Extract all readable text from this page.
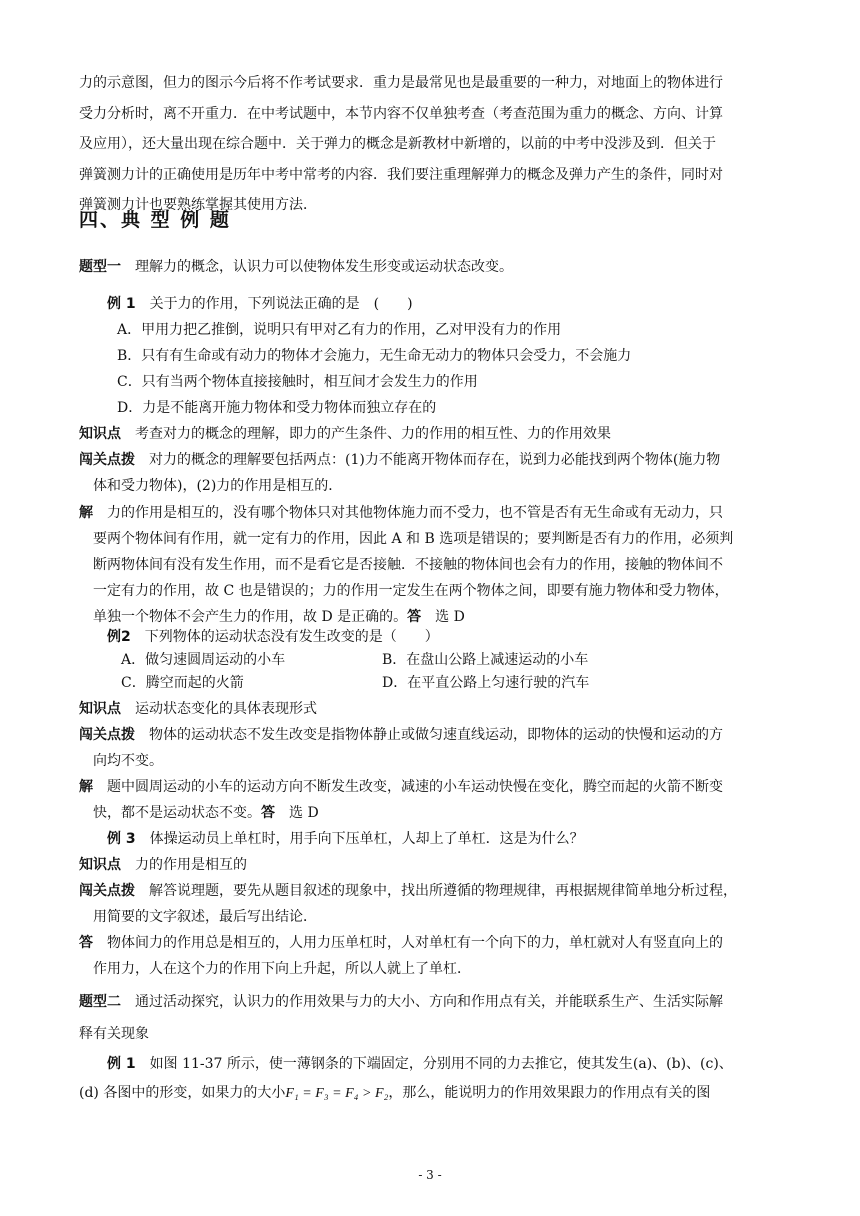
力的示意图，但力的图示今后将不作考试要求．重力是最常见也是最重要的一种力，对地面上的物体进行
受力分析时，离不开重力．在中考试题中，本节内容不仅单独考查（考查范围为重力的概念、方向、计算
及应用），还大量出现在综合题中．关于弹力的概念是新教材中新增的，以前的中考中没涉及到．但关于
弹簧测力计的正确使用是历年中考中常考的内容．我们要注重理解弹力的概念及弹力产生的条件，同时对
弹簧测力计也要熟练掌握其使用方法．
四、典 型 例 题
题型一 理解力的概念，认识力可以使物体发生形变或运动状态改变。
例 1 关于力的作用，下列说法正确的是　(　　)
A．甲用力把乙推倒，说明只有甲对乙有力的作用，乙对甲没有力的作用
B．只有有生命或有动力的物体才会施力，无生命无动力的物体只会受力，不会施力
C．只有当两个物体直接接触时，相互间才会发生力的作用
D．力是不能离开施力物体和受力物体而独立存在的
知识点 考查对力的概念的理解，即力的产生条件、力的作用的相互性、力的作用效果
闯关点拨 对力的概念的理解要包括两点：(1)力不能离开物体而存在，说到力必能找到两个物体(施力物
体和受力物体)，(2)力的作用是相互的．
解 力的作用是相互的，没有哪个物体只对其他物体施力而不受力，也不管是否有无生命或有无动力，只
要两个物体间有作用，就一定有力的作用，因此 A 和 B 选项是错误的；要判断是否有力的作用，必须判
断两物体间有没有发生作用，而不是看它是否接触．不接触的物体间也会有力的作用，接触的物体间不
一定有力的作用，故 C 也是错误的；力的作用一定发生在两个物体之间，即要有施力物体和受力物体，
单独一个物体不会产生力的作用，故 D 是正确的。答 选 D
例2 下列物体的运动状态没有发生改变的是（　　）
A．做匀速圆周运动的小车	B．在盘山公路上减速运动的小车
C．腾空而起的火箭	D．在平直公路上匀速行驶的汽车
知识点 运动状态变化的具体表现形式
闯关点拨 物体的运动状态不发生改变是指物体静止或做匀速直线运动，即物体的运动的快慢和运动的方
向均不变。
解 题中圆周运动的小车的运动方向不断发生改变，减速的小车运动快慢在变化，腾空而起的火箭不断变
快，都不是运动状态不变。答 选 D
例 3 体操运动员上单杠时，用手向下压单杠，人却上了单杠．这是为什么？
知识点 力的作用是相互的
闯关点拨 解答说理题，要先从题目叙述的现象中，找出所遵循的物理规律，再根据规律简单地分析过程，
用简要的文字叙述，最后写出结论．
答 物体间力的作用总是相互的，人用力压单杠时，人对单杠有一个向下的力，单杠就对人有竖直向上的
作用力，人在这个力的作用下向上升起，所以人就上了单杠．
题型二 通过活动探究，认识力的作用效果与力的大小、方向和作用点有关，并能联系生产、生活实际解
释有关现象
例 1 如图 11-37 所示，使一薄钢条的下端固定，分别用不同的力去推它，使其发生(a)、(b)、(c)、
(d) 各图中的形变，如果力的大小F₁ = F₃ = F₄ > F₂，那么，能说明力的作用效果跟力的作用点有关的图
- 3 -
